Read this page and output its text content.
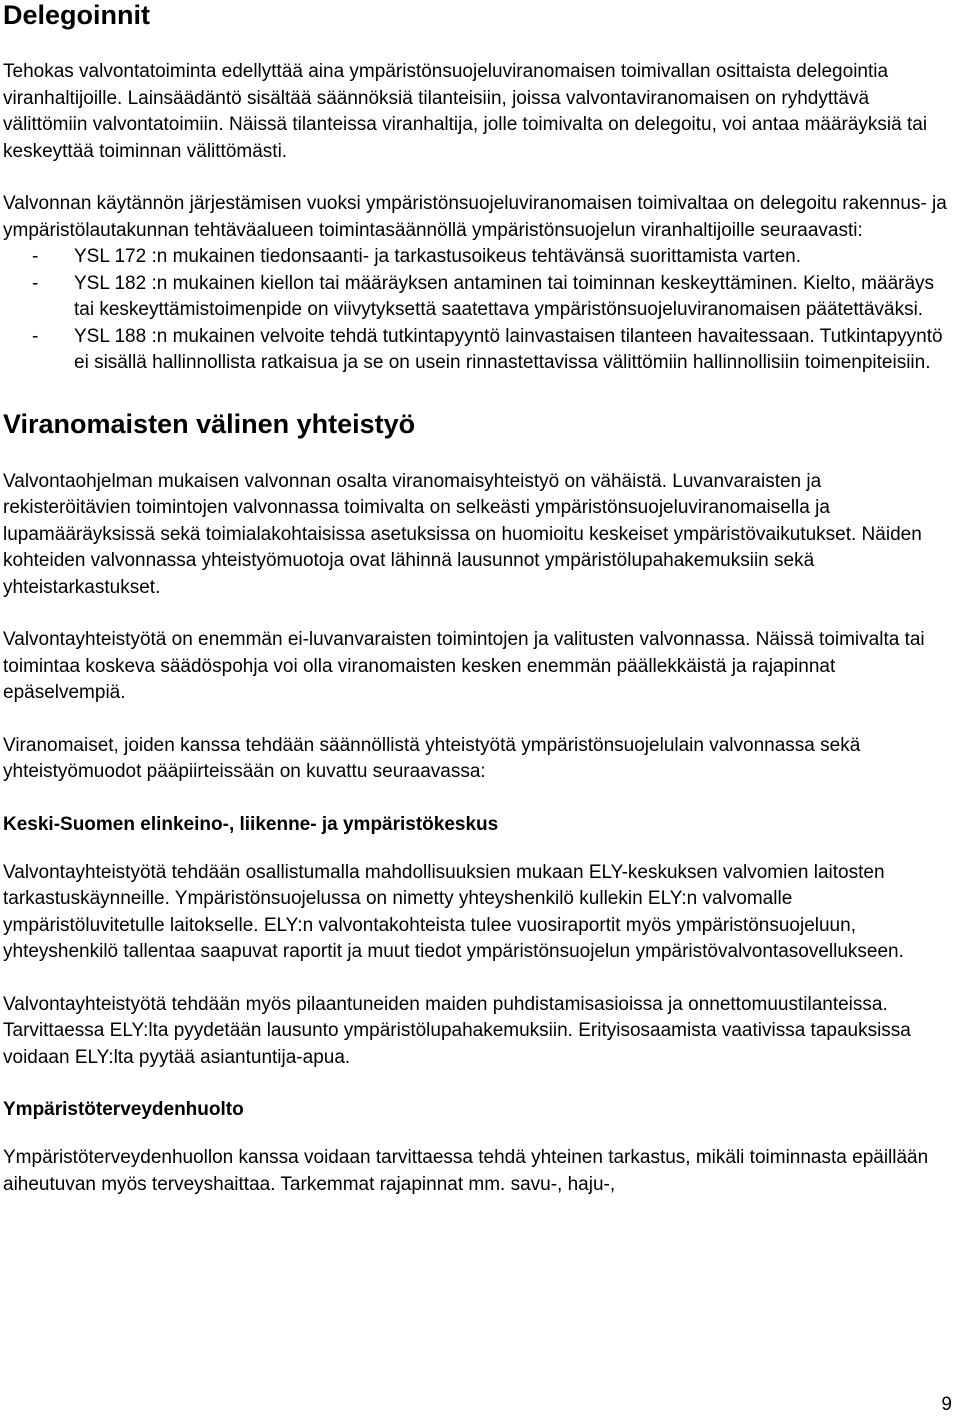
Delegoinnit

Tehokas valvontatoiminta edellyttää aina ympäristönsuojeluviranomaisen toimivallan osittaista delegointia viranhaltijoille. Lainsäädäntö sisältää säännöksiä tilanteisiin, joissa valvontaviranomaisen on ryhdyttävä välittömiin valvontatoimiin. Näissä tilanteissa viranhaltija, jolle toimivalta on delegoitu, voi antaa määräyksiä tai keskeyttää toiminnan välittömästi.

Valvonnan käytännön järjestämisen vuoksi ympäristönsuojeluviranomaisen toimivaltaa on delegoitu rakennus- ja ympäristölautakunnan tehtäväalueen toimintasäännöllä ympäristönsuojelun viranhaltijoille seuraavasti:

- YSL 172 :n mukainen tiedonsaanti- ja tarkastusoikeus tehtävänsä suorittamista varten.
- YSL 182 :n mukainen kiellon tai määräyksen antaminen tai toiminnan keskeyttäminen. Kielto, määräys tai keskeyttämistoimenpide on viivytyksettä saatettava ympäristönsuojeluviranomaisen päätettäväksi.
- YSL 188 :n mukainen velvoite tehdä tutkintapyyntö lainvastaisen tilanteen havaitessaan. Tutkintapyyntö ei sisällä hallinnollista ratkaisua ja se on usein rinnastettavissa välittömiin hallinnollisiin toimenpiteisiin.
Viranomaisten välinen yhteistyö

Valvontaohjelman mukaisen valvonnan osalta viranomaisyhteistyö on vähäistä. Luvanvaraisten ja rekisteröitävien toimintojen valvonnassa toimivalta on selkeästi ympäristönsuojeluviranomaisella ja lupamääräyksissä sekä toimialakohtaisissa asetuksissa on huomioitu keskeiset ympäristövaikutukset. Näiden kohteiden valvonnassa yhteistyömuotoja ovat lähinnä lausunnot ympäristölupahakemuksiin sekä yhteistarkastukset.

Valvontayhteistyötä on enemmän ei-luvanvaraisten toimintojen ja valitusten valvonnassa. Näissä toimivalta tai toimintaa koskeva säädöspohja voi olla viranomaisten kesken enemmän päällekkäistä ja rajapinnat epäselvempiä.

Viranomaiset, joiden kanssa tehdään säännöllistä yhteistyötä ympäristönsuojelulain valvonnassa sekä yhteistyömuodot pääpiirteissään on kuvattu seuraavassa:

Keski-Suomen elinkeino-, liikenne- ja ympäristökeskus

Valvontayhteistyötä tehdään osallistumalla mahdollisuuksien mukaan ELY-keskuksen valvomien laitosten tarkastuskäynneille. Ympäristönsuojelussa on nimetty yhteyshenkilö kullekin ELY:n valvomalle ympäristöluvitetulle laitokselle. ELY:n valvontakohteista tulee vuosiraportit myös ympäristönsuojeluun, yhteyshenkilö tallentaa saapuvat raportit ja muut tiedot ympäristönsuojelun ympäristövalvontasovellukseen.

Valvontayhteistyötä tehdään myös pilaantuneiden maiden puhdistamisasioissa ja onnettomuustilanteissa. Tarvittaessa ELY:lta pyydetään lausunto ympäristölupahakemuksiin. Erityisosaamista vaativissa tapauksissa voidaan ELY:lta pyytää asiantuntija-apua.

Ympäristöterveydenhuolto

Ympäristöterveydenhuollon kanssa voidaan tarvittaessa tehdä yhteinen tarkastus, mikäli toiminnasta epäillään aiheutuvan myös terveyshaittaa. Tarkemmat rajapinnat mm. savu-, haju-,

9
